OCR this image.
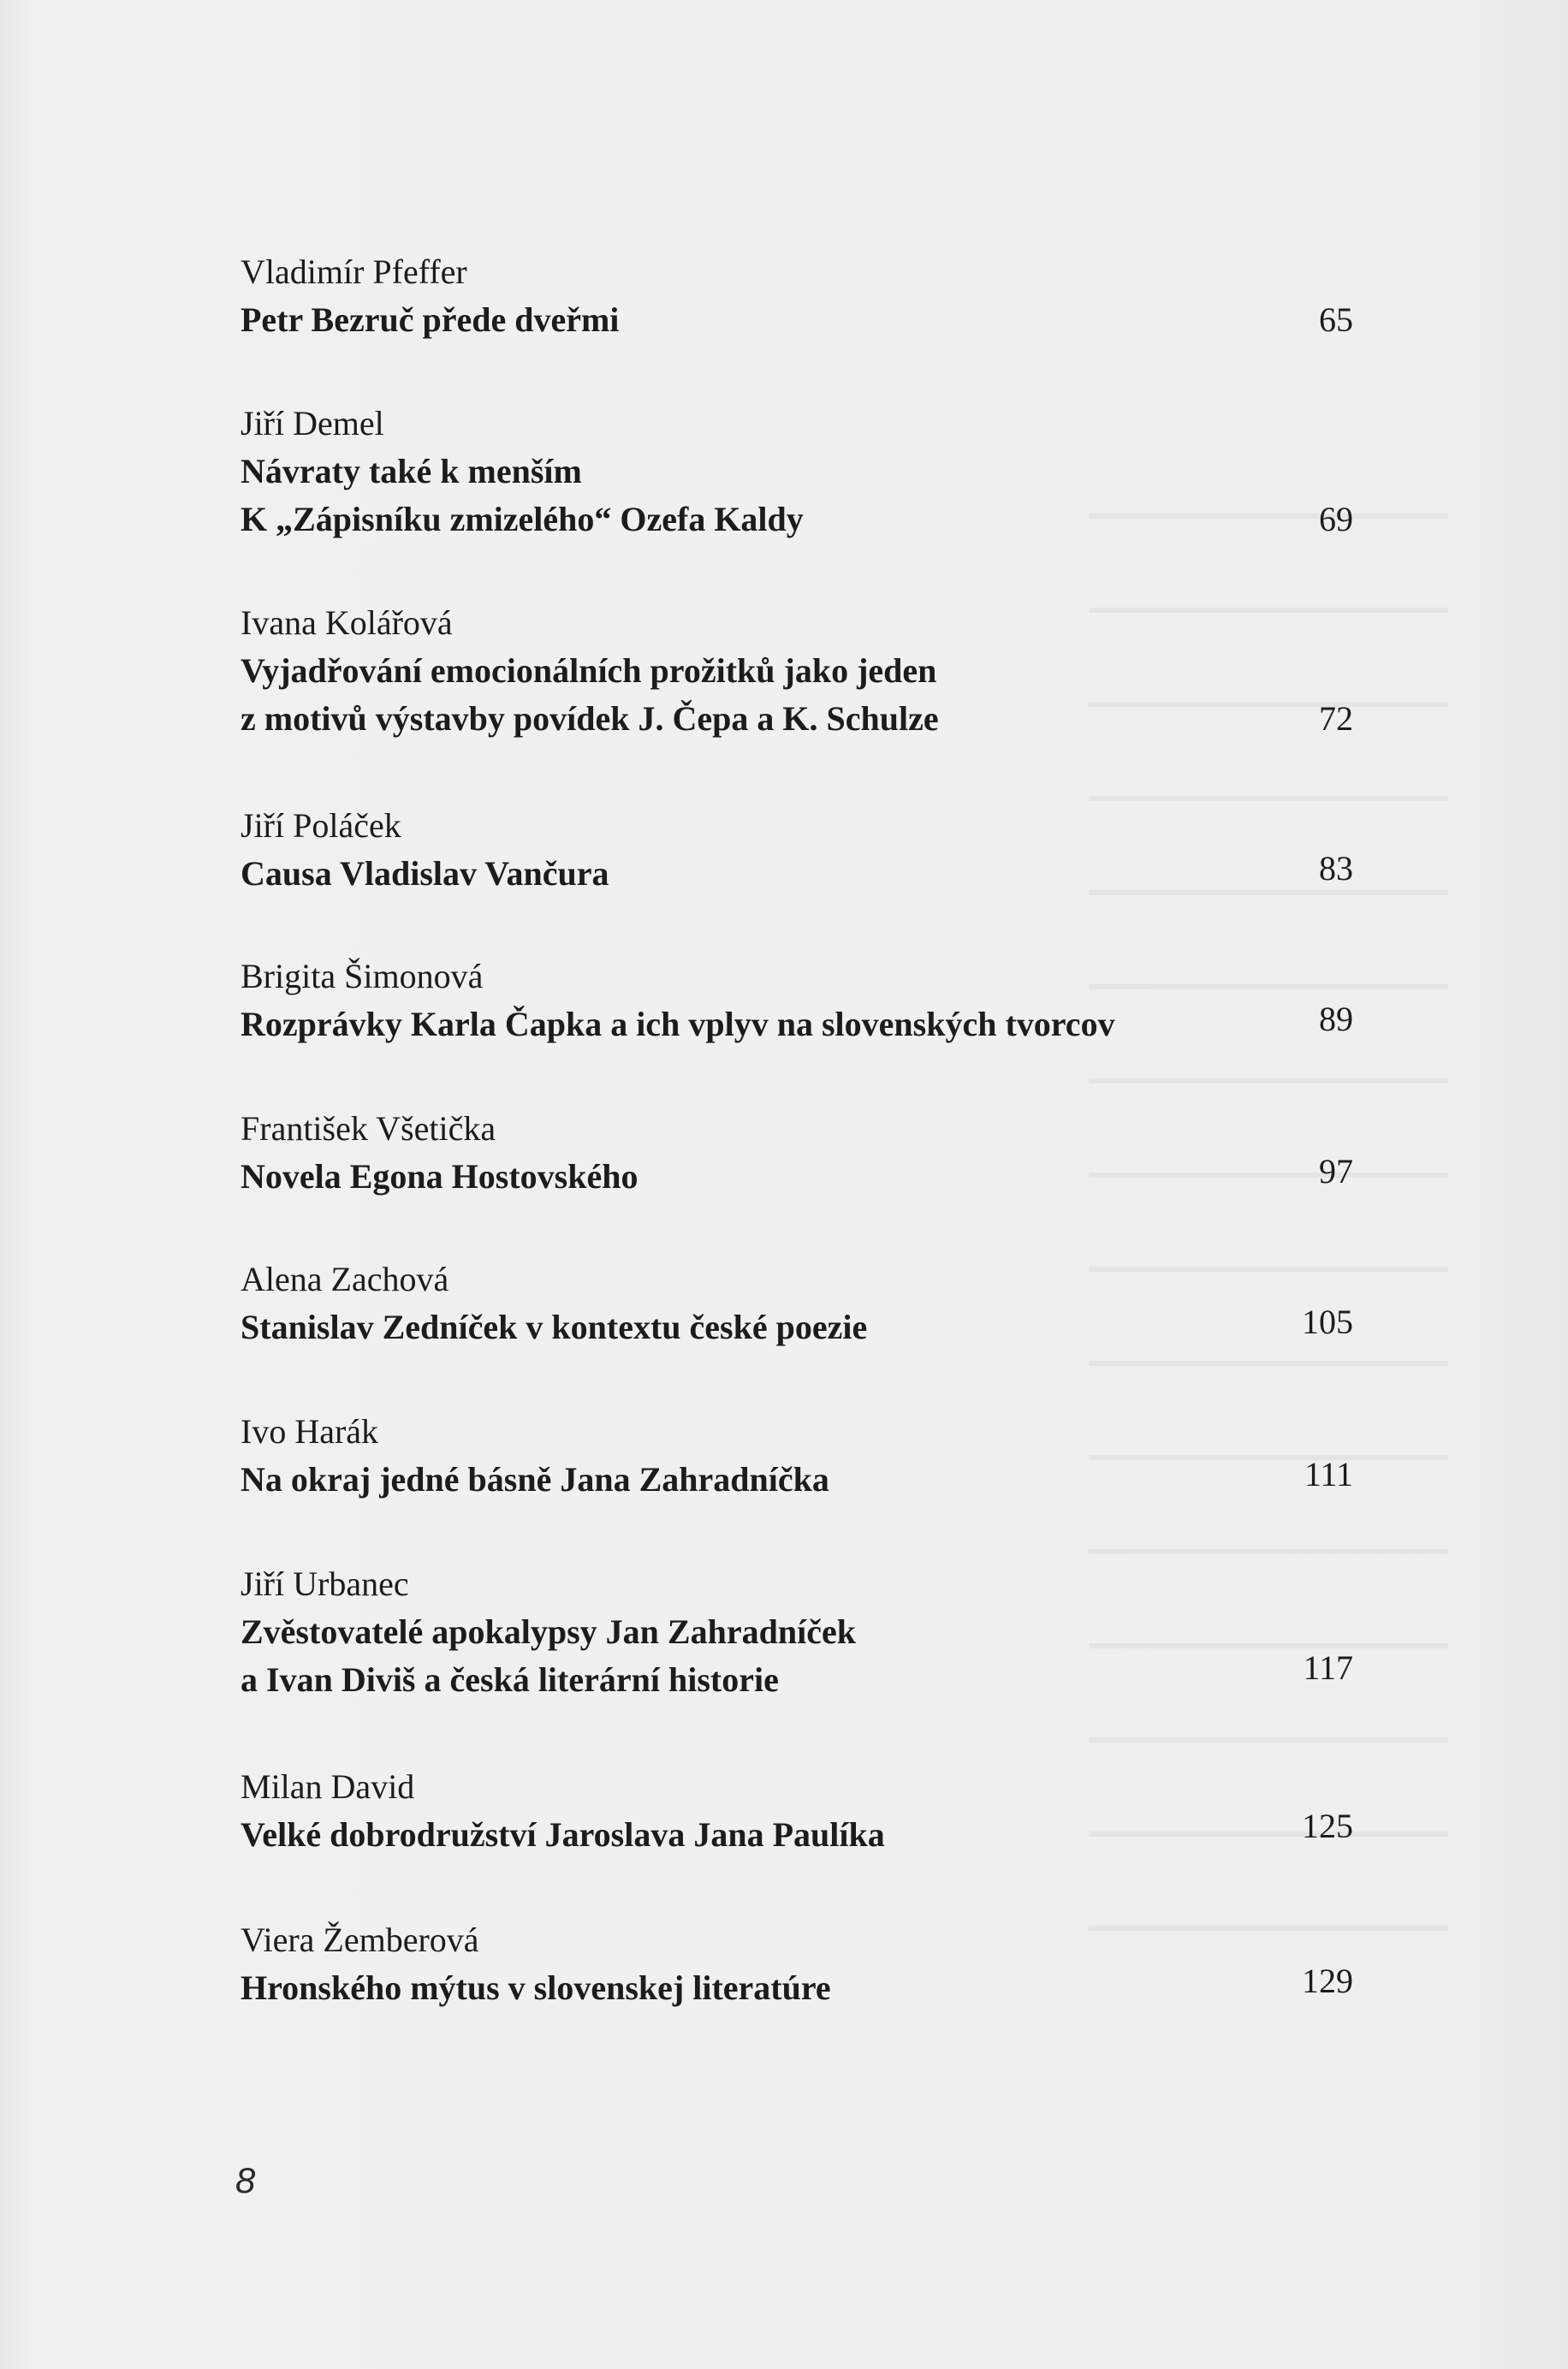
Vladimír Pfeffer
Petr Bezruč přede dveřmi	65
Jiří Demel
Návraty také k menším
K „Zápisníku zmizelého“ Ozefa Kaldy	69
Ivana Kolářová
Vyjadřování emocionálních prožitků jako jeden
z motivů výstavby povídek J. Čepa a K. Schulze	72
Jiří Poláček
Causa Vladislav Vančura	83
Brigita Šimonová
Rozprávky Karla Čapka a ich vplyv na slovenských tvorcov	89
František Všetička
Novela Egona Hostovského	97
Alena Zachová
Stanislav Zedníček v kontextu české poezie	105
Ivo Harák
Na okraj jedné básně Jana Zahradníčka	111
Jiří Urbanec
Zvěstovatelé apokalypsy Jan Zahradníček
a Ivan Diviš a česká literární historie	117
Milan David
Velké dobrodružství Jaroslava Jana Paulíka	125
Viera Žemberová
Hronského mýtus v slovenskej literatúre	129
8
